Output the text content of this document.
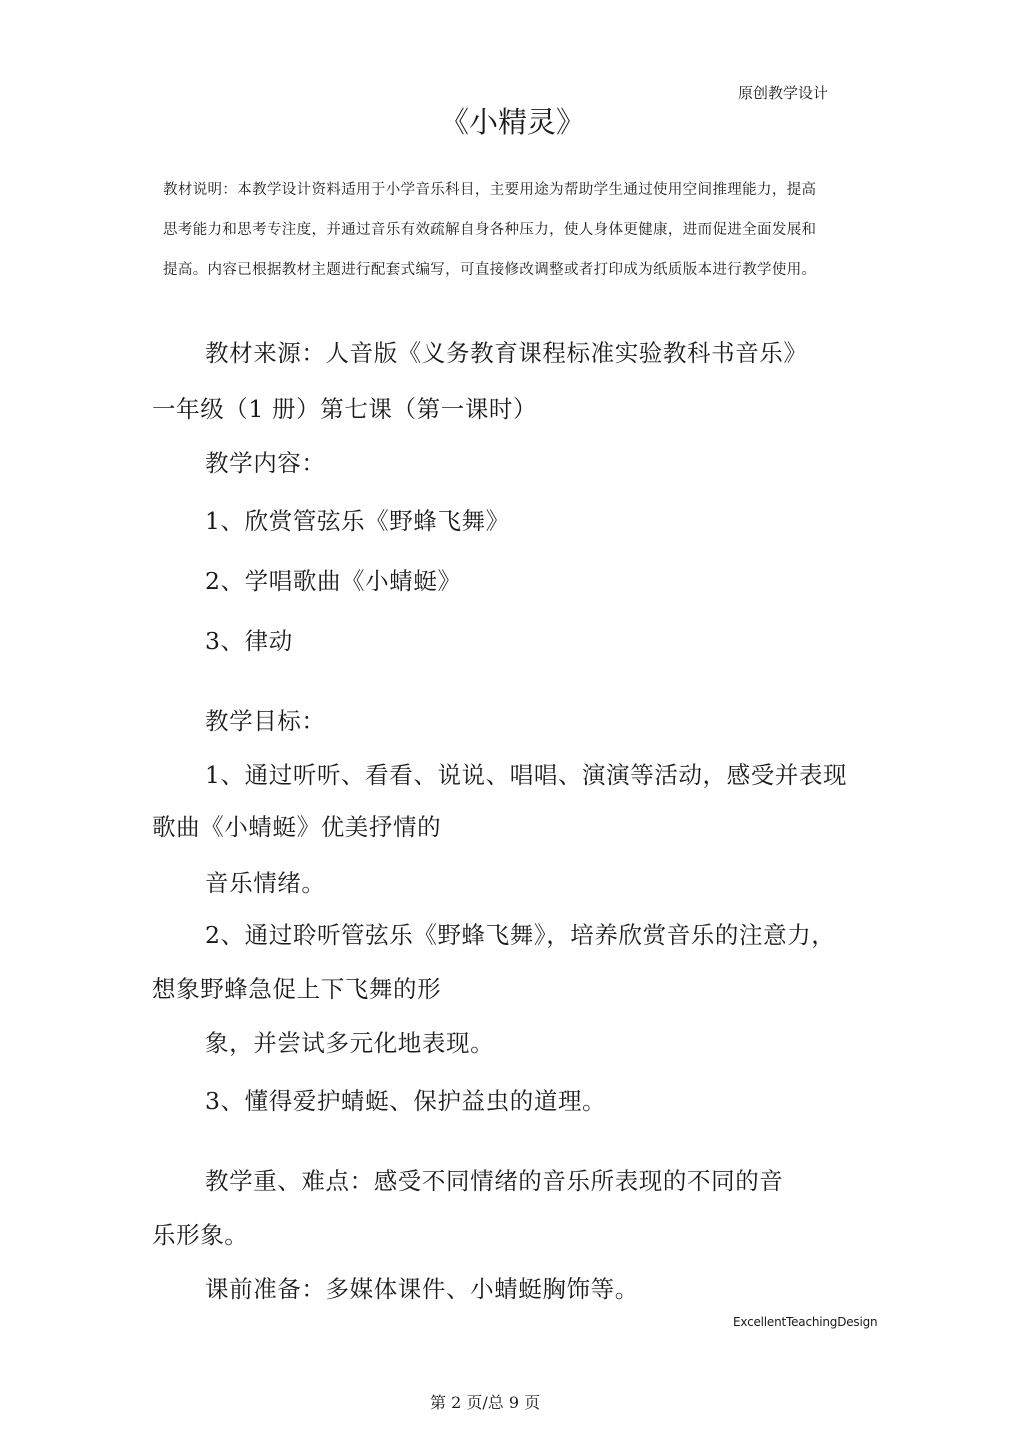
原创教学设计
《小精灵》

教材说明：本教学设计资料适用于小学音乐科目，主要用途为帮助学生通过使用空间推理能力，提高

思考能力和思考专注度，并通过音乐有效疏解自身各种压力，使人身体更健康，进而促进全面发展和

提高。内容已根据教材主题进行配套式编写，可直接修改调整或者打印成为纸质版本进行教学使用。

教材来源：人音版《义务教育课程标准实验教科书音乐》

一年级（1 册）第七课（第一课时）

教学内容：

1、欣赏管弦乐《野蜂飞舞》

2、学唱歌曲《小蜻蜓》

3、律动

教学目标：

1、通过听听、看看、说说、唱唱、演演等活动，感受并表现

歌曲《小蜻蜓》优美抒情的

音乐情绪。

2、通过聆听管弦乐《野蜂飞舞》，培养欣赏音乐的注意力，

想象野蜂急促上下飞舞的形

象，并尝试多元化地表现。

3、懂得爱护蜻蜓、保护益虫的道理。

教学重、难点：感受不同情绪的音乐所表现的不同的音

乐形象。

课前准备：多媒体课件、小蜻蜓胸饰等。

ExcellentTeachingDesign
第 2 页/总 9 页
